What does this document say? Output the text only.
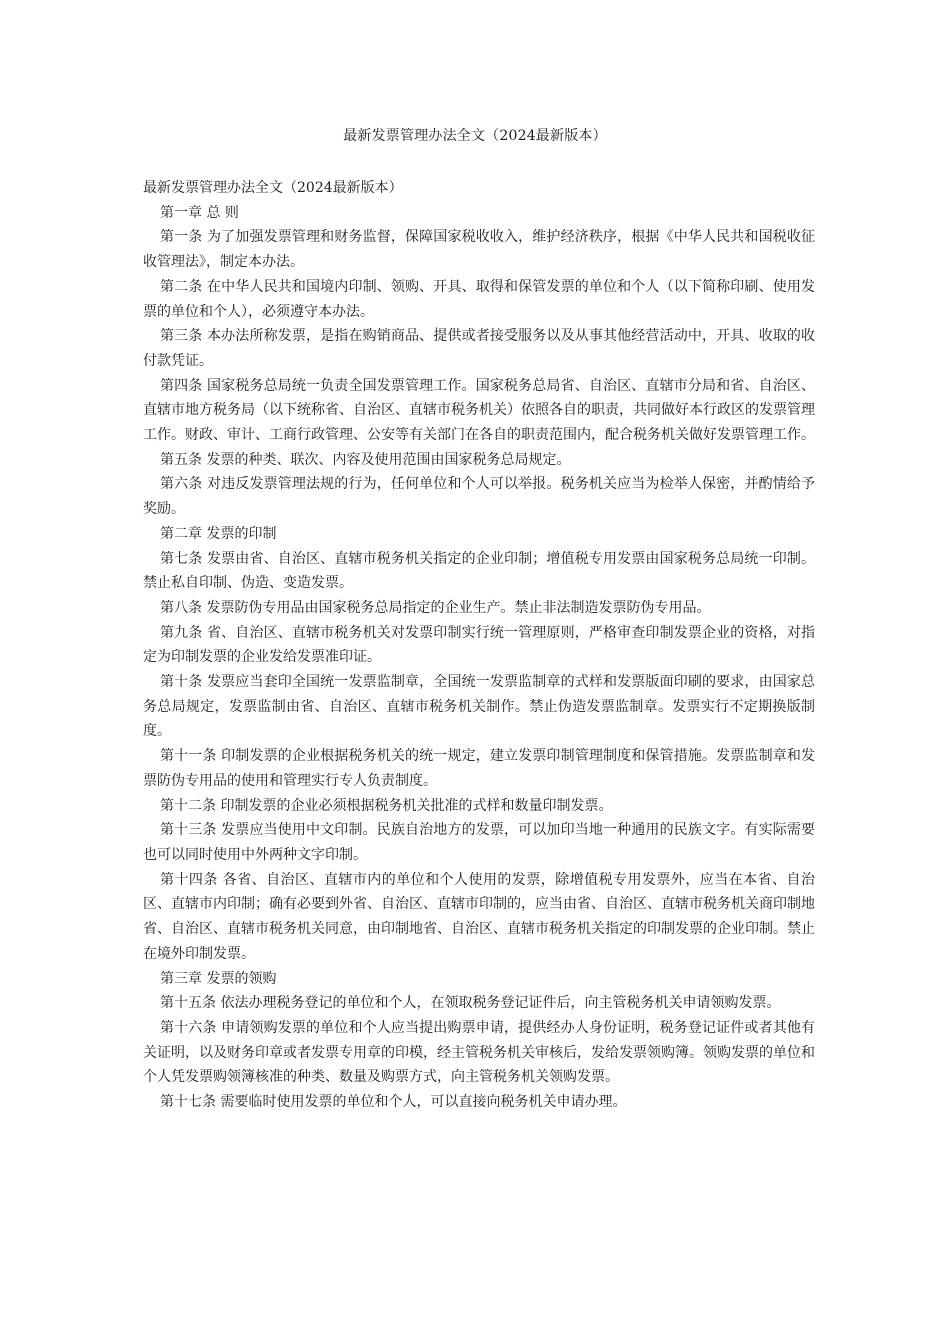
最新发票管理办法全文（2024最新版本）

最新发票管理办法全文（2024最新版本）

第一章 总 则

第一条 为了加强发票管理和财务监督，保障国家税收收入，维护经济秩序，根据《中华人民共和国税收征收管理法》，制定本办法。

第二条 在中华人民共和国境内印制、领购、开具、取得和保管发票的单位和个人（以下简称印刷、使用发票的单位和个人），必须遵守本办法。

第三条 本办法所称发票，是指在购销商品、提供或者接受服务以及从事其他经营活动中，开具、收取的收付款凭证。

第四条 国家税务总局统一负责全国发票管理工作。国家税务总局省、自治区、直辖市分局和省、自治区、直辖市地方税务局（以下统称省、自治区、直辖市税务机关）依照各自的职责，共同做好本行政区的发票管理工作。财政、审计、工商行政管理、公安等有关部门在各自的职责范围内，配合税务机关做好发票管理工作。

第五条 发票的种类、联次、内容及使用范围由国家税务总局规定。

第六条 对违反发票管理法规的行为，任何单位和个人可以举报。税务机关应当为检举人保密，并酌情给予奖励。

第二章 发票的印制

第七条 发票由省、自治区、直辖市税务机关指定的企业印制；增值税专用发票由国家税务总局统一印制。禁止私自印制、伪造、变造发票。

第八条 发票防伪专用品由国家税务总局指定的企业生产。禁止非法制造发票防伪专用品。

第九条 省、自治区、直辖市税务机关对发票印制实行统一管理原则，严格审查印制发票企业的资格，对指定为印制发票的企业发给发票准印证。

第十条 发票应当套印全国统一发票监制章，全国统一发票监制章的式样和发票版面印刷的要求，由国家总务总局规定，发票监制由省、自治区、直辖市税务机关制作。禁止伪造发票监制章。发票实行不定期换版制度。

第十一条 印制发票的企业根据税务机关的统一规定，建立发票印制管理制度和保管措施。发票监制章和发票防伪专用品的使用和管理实行专人负责制度。

第十二条 印制发票的企业必须根据税务机关批准的式样和数量印制发票。

第十三条 发票应当使用中文印制。民族自治地方的发票，可以加印当地一种通用的民族文字。有实际需要也可以同时使用中外两种文字印制。

第十四条 各省、自治区、直辖市内的单位和个人使用的发票，除增值税专用发票外，应当在本省、自治区、直辖市内印制；确有必要到外省、自治区、直辖市印制的，应当由省、自治区、直辖市税务机关商印制地省、自治区、直辖市税务机关同意，由印制地省、自治区、直辖市税务机关指定的印制发票的企业印制。禁止在境外印制发票。

第三章 发票的领购

第十五条 依法办理税务登记的单位和个人，在领取税务登记证件后，向主管税务机关申请领购发票。

第十六条 申请领购发票的单位和个人应当提出购票申请，提供经办人身份证明，税务登记证件或者其他有关证明，以及财务印章或者发票专用章的印模，经主管税务机关审核后，发给发票领购簿。领购发票的单位和个人凭发票购领簿核准的种类、数量及购票方式，向主管税务机关领购发票。

第十七条 需要临时使用发票的单位和个人，可以直接向税务机关申请办理。
